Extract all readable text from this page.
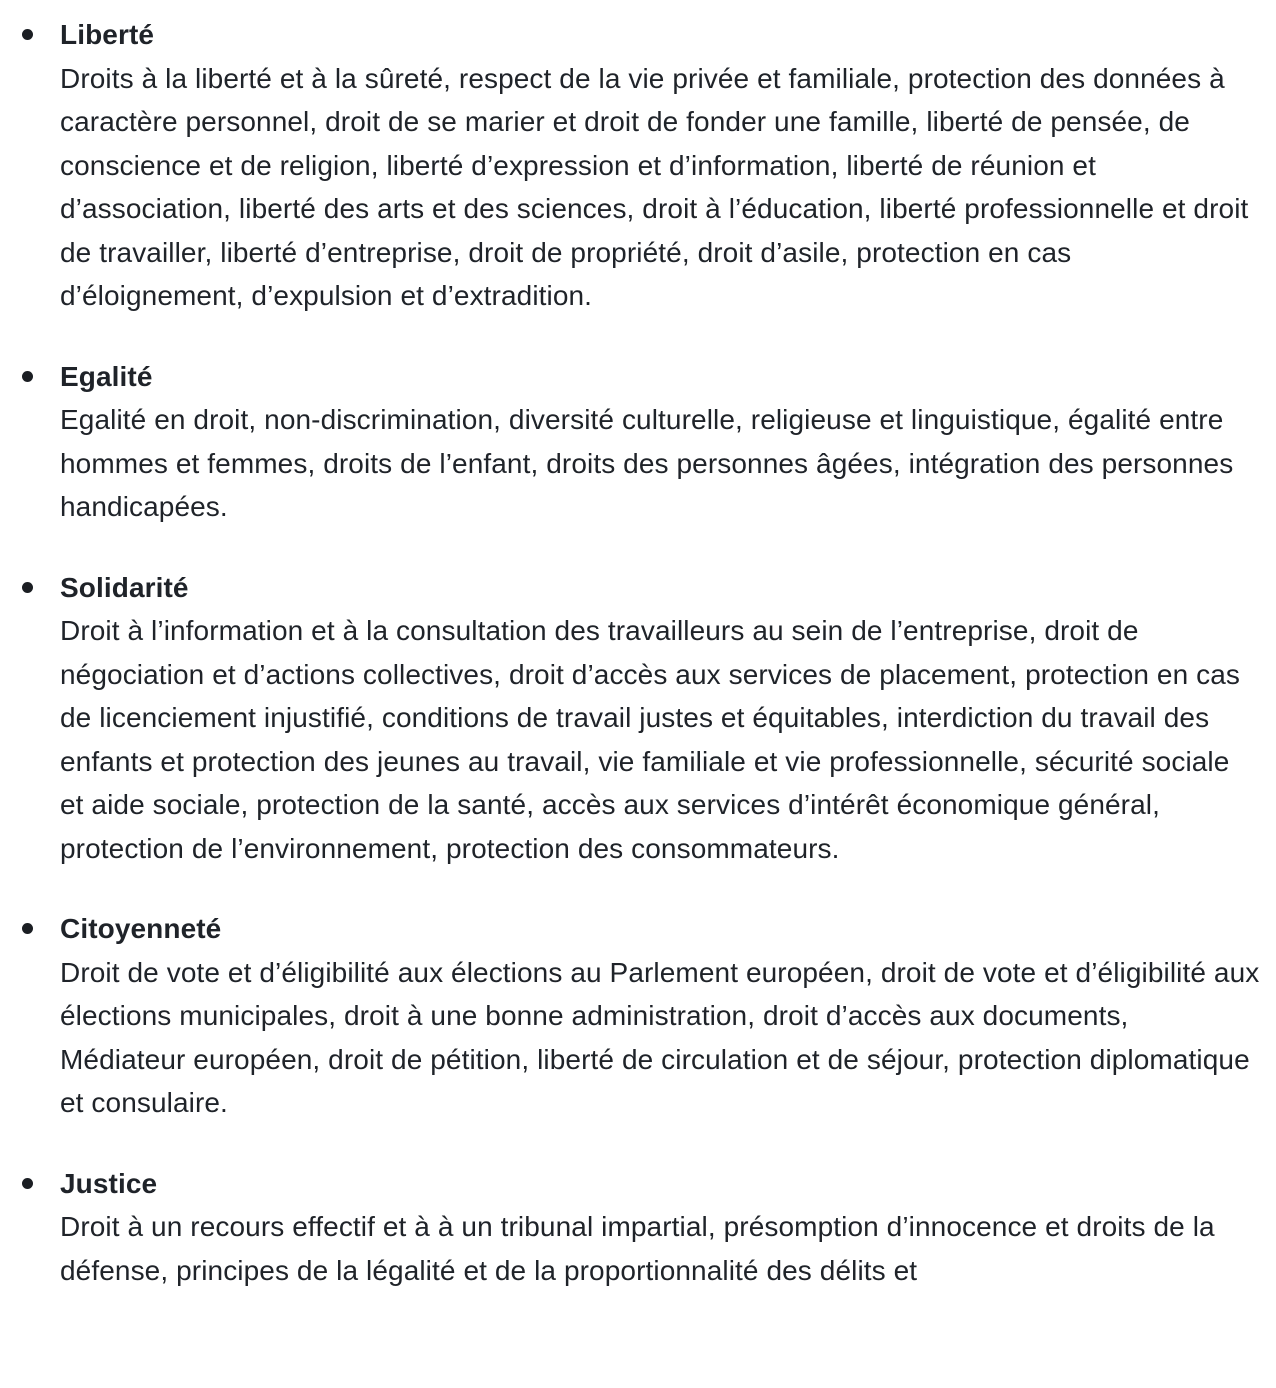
Liberté
Droits à la liberté et à la sûreté, respect de la vie privée et familiale, protection des données à caractère personnel, droit de se marier et droit de fonder une famille, liberté de pensée, de conscience et de religion, liberté d’expression et d’information, liberté de réunion et d’association, liberté des arts et des sciences, droit à l’éducation, liberté professionnelle et droit de travailler, liberté d’entreprise, droit de propriété, droit d’asile, protection en cas d’éloignement, d’expulsion et d’extradition.
Egalité
Egalité en droit, non-discrimination, diversité culturelle, religieuse et linguistique, égalité entre hommes et femmes, droits de l’enfant, droits des personnes âgées, intégration des personnes handicapées.
Solidarité
Droit à l’information et à la consultation des travailleurs au sein de l’entreprise, droit de négociation et d’actions collectives, droit d’accès aux services de placement, protection en cas de licenciement injustifié, conditions de travail justes et équitables, interdiction du travail des enfants et protection des jeunes au travail, vie familiale et vie professionnelle, sécurité sociale et aide sociale, protection de la santé, accès aux services d’intérêt économique général, protection de l’environnement, protection des consommateurs.
Citoyenneté
Droit de vote et d’éligibilité aux élections au Parlement européen, droit de vote et d’éligibilité aux élections municipales, droit à une bonne administration, droit d’accès aux documents, Médiateur européen, droit de pétition, liberté de circulation et de séjour, protection diplomatique et consulaire.
Justice
Droit à un recours effectif et à à un tribunal impartial, présomption d’innocence et droits de la défense, principes de la légalité et de la proportionnalité des délits et
